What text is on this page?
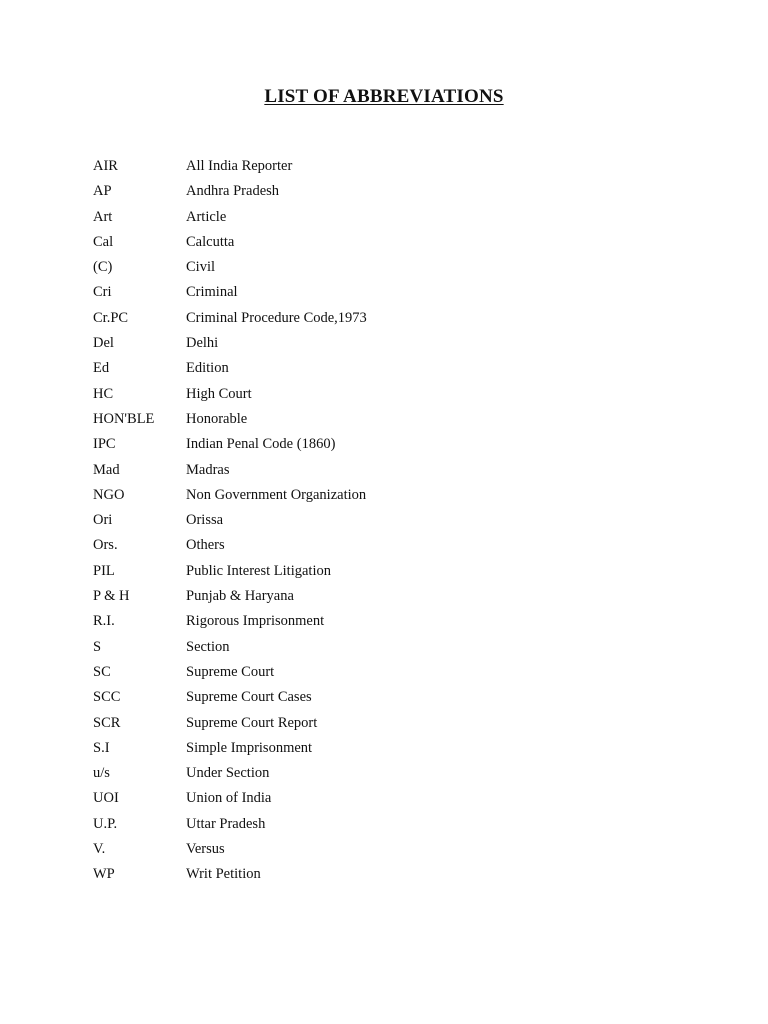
LIST OF ABBREVIATIONS
AIR	All India Reporter
AP	Andhra Pradesh
Art	Article
Cal	Calcutta
(C)	Civil
Cri	Criminal
Cr.PC	Criminal Procedure Code,1973
Del	Delhi
Ed	Edition
HC	High Court
HON'BLE	Honorable
IPC	Indian Penal Code (1860)
Mad	Madras
NGO	Non Government Organization
Ori	Orissa
Ors.	Others
PIL	Public Interest Litigation
P & H	Punjab & Haryana
R.I.	Rigorous Imprisonment
S	Section
SC	Supreme Court
SCC	Supreme Court Cases
SCR	Supreme Court Report
S.I	Simple Imprisonment
u/s	Under Section
UOI	Union of India
U.P.	Uttar Pradesh
V.	Versus
WP	Writ Petition
